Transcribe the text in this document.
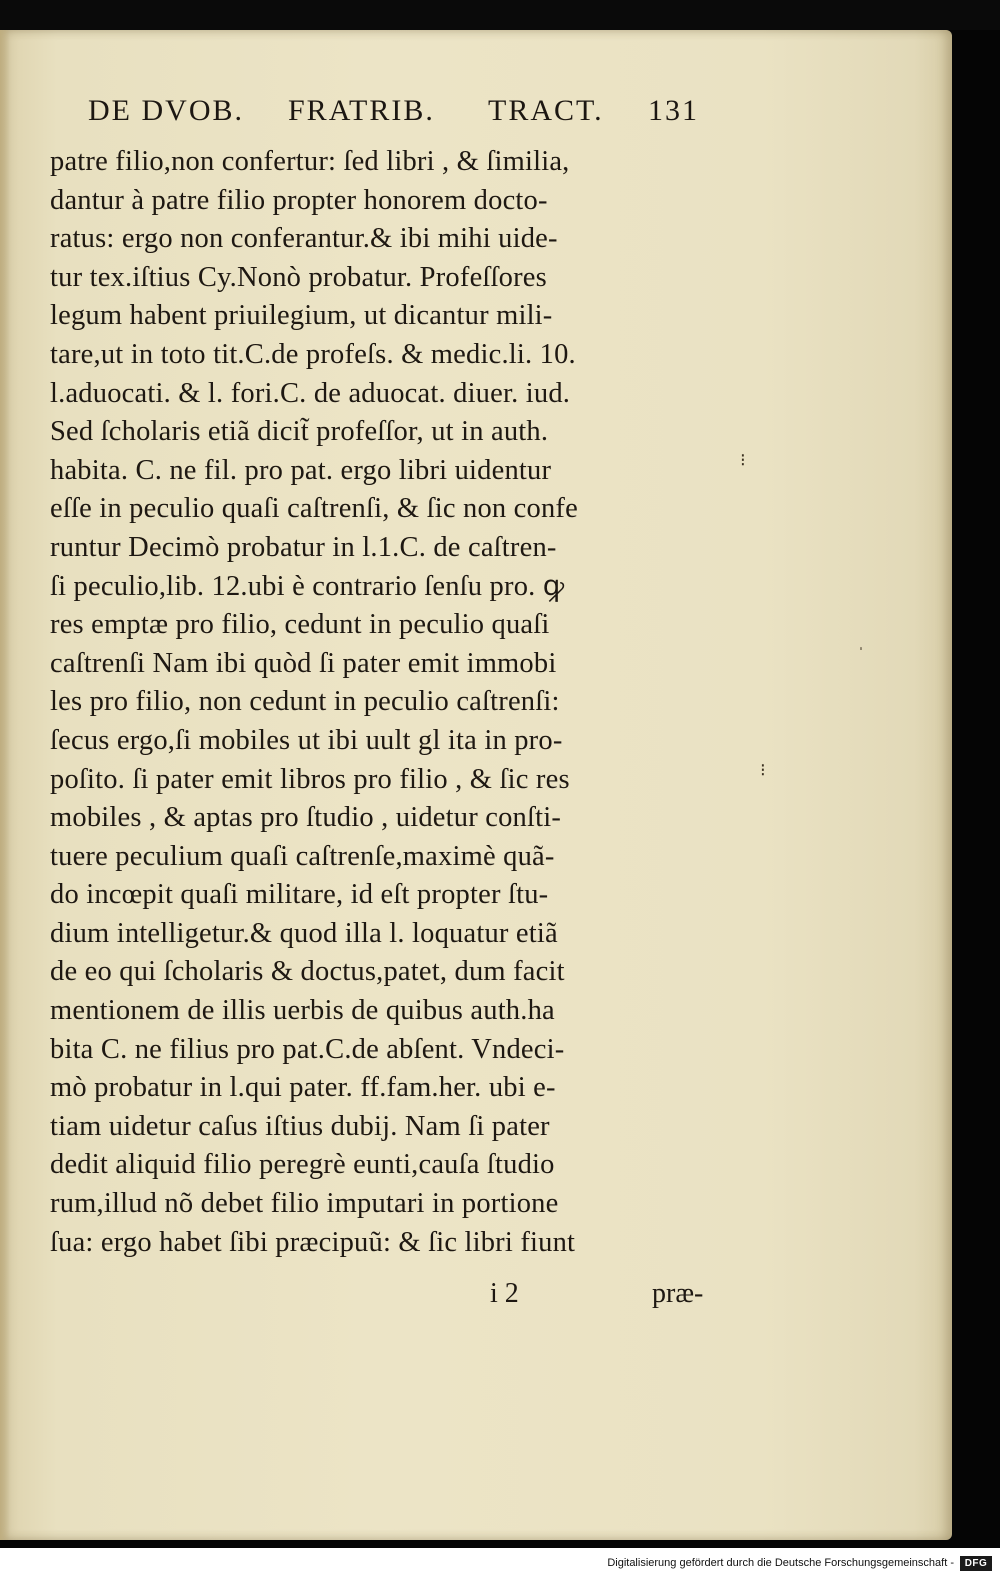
DE DVOB. FRATRIB. TRACT. 131
patre filio,non confertur: ſed libri , & ſimilia,
dantur à patre filio propter honorem docto-
ratus: ergo non conferantur.& ibi mihi uide-
tur tex.iſtius Cy.Nonò probatur. Profeſſores
legum habent priuilegium, ut dicantur mili-
tare,ut in toto tit.C.de profeſs. & medic.li. 10.
l.aduocati. & l. fori.C. de aduocat. diuer. iud.
Sed ſcholaris etiã dicit̃ profeſſor, ut in auth.
habita. C. ne fil. pro pat. ergo libri uidentur
eſſe in peculio quaſi caſtrenſi, & ſic non confe
runtur Decimò probatur in l.1.C. de caſtren-
ſi peculio,lib. 12.ubi è contrario ſenſu pro. ꝙ
res emptæ pro filio, cedunt in peculio quaſi
caſtrenſi Nam ibi quòd ſi pater emit immobi
les pro filio, non cedunt in peculio caſtrenſi:
ſecus ergo,ſi mobiles ut ibi uult gl ita in pro-
poſito. ſi pater emit libros pro filio , & ſic res
mobiles , & aptas pro ſtudio , uidetur conſti-
tuere peculium quaſi caſtrenſe,maximè quã-
do incœpit quaſi militare, id eſt propter ſtu-
dium intelligetur.& quod illa l. loquatur etiã
de eo qui ſcholaris & doctus,patet, dum facit
mentionem de illis uerbis de quibus auth.ha
bita C. ne filius pro pat.C.de abſent. Vndeci-
mò probatur in l.qui pater. ff.fam.her. ubi e-
tiam uidetur caſus iſtius dubij. Nam ſi pater
dedit aliquid filio peregrè eunti,cauſa ſtudio
rum,illud nõ debet filio imputari in portione
ſua: ergo habet ſibi præcipuũ: & ſic libri fiunt
i 2	præ-
⁝
⁝
ˌ
Digitalisierung gefördert durch die Deutsche Forschungsgemeinschaft -	DFG
